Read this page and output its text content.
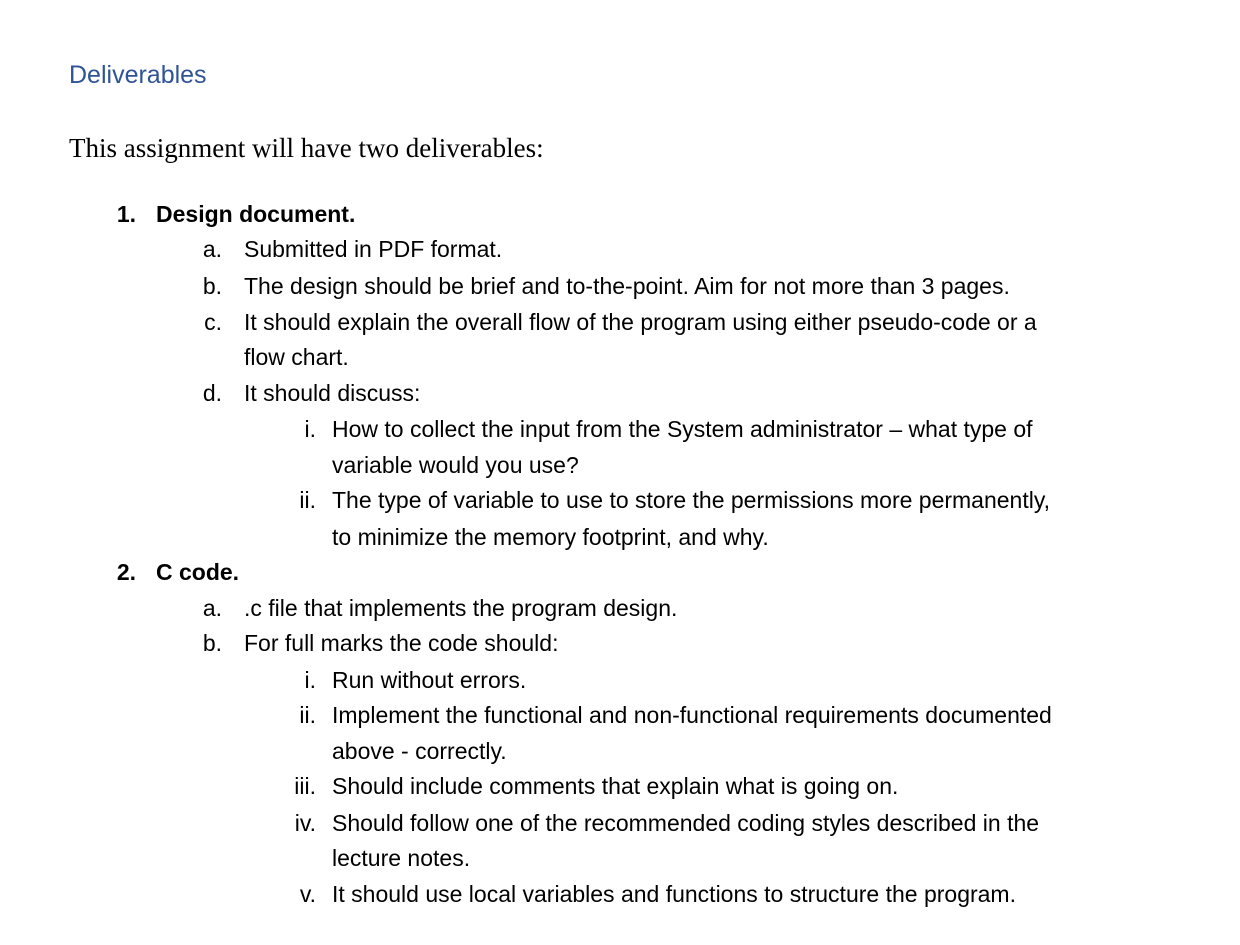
Deliverables
This assignment will have two deliverables:
1. Design document.
a. Submitted in PDF format.
b. The design should be brief and to-the-point. Aim for not more than 3 pages.
c. It should explain the overall flow of the program using either pseudo-code or a
flow chart.
d. It should discuss:
i. How to collect the input from the System administrator – what type of
variable would you use?
ii. The type of variable to use to store the permissions more permanently,
to minimize the memory footprint, and why.
2. C code.
a. .c file that implements the program design.
b. For full marks the code should:
i. Run without errors.
ii. Implement the functional and non-functional requirements documented
above - correctly.
iii. Should include comments that explain what is going on.
iv. Should follow one of the recommended coding styles described in the
lecture notes.
v. It should use local variables and functions to structure the program.
